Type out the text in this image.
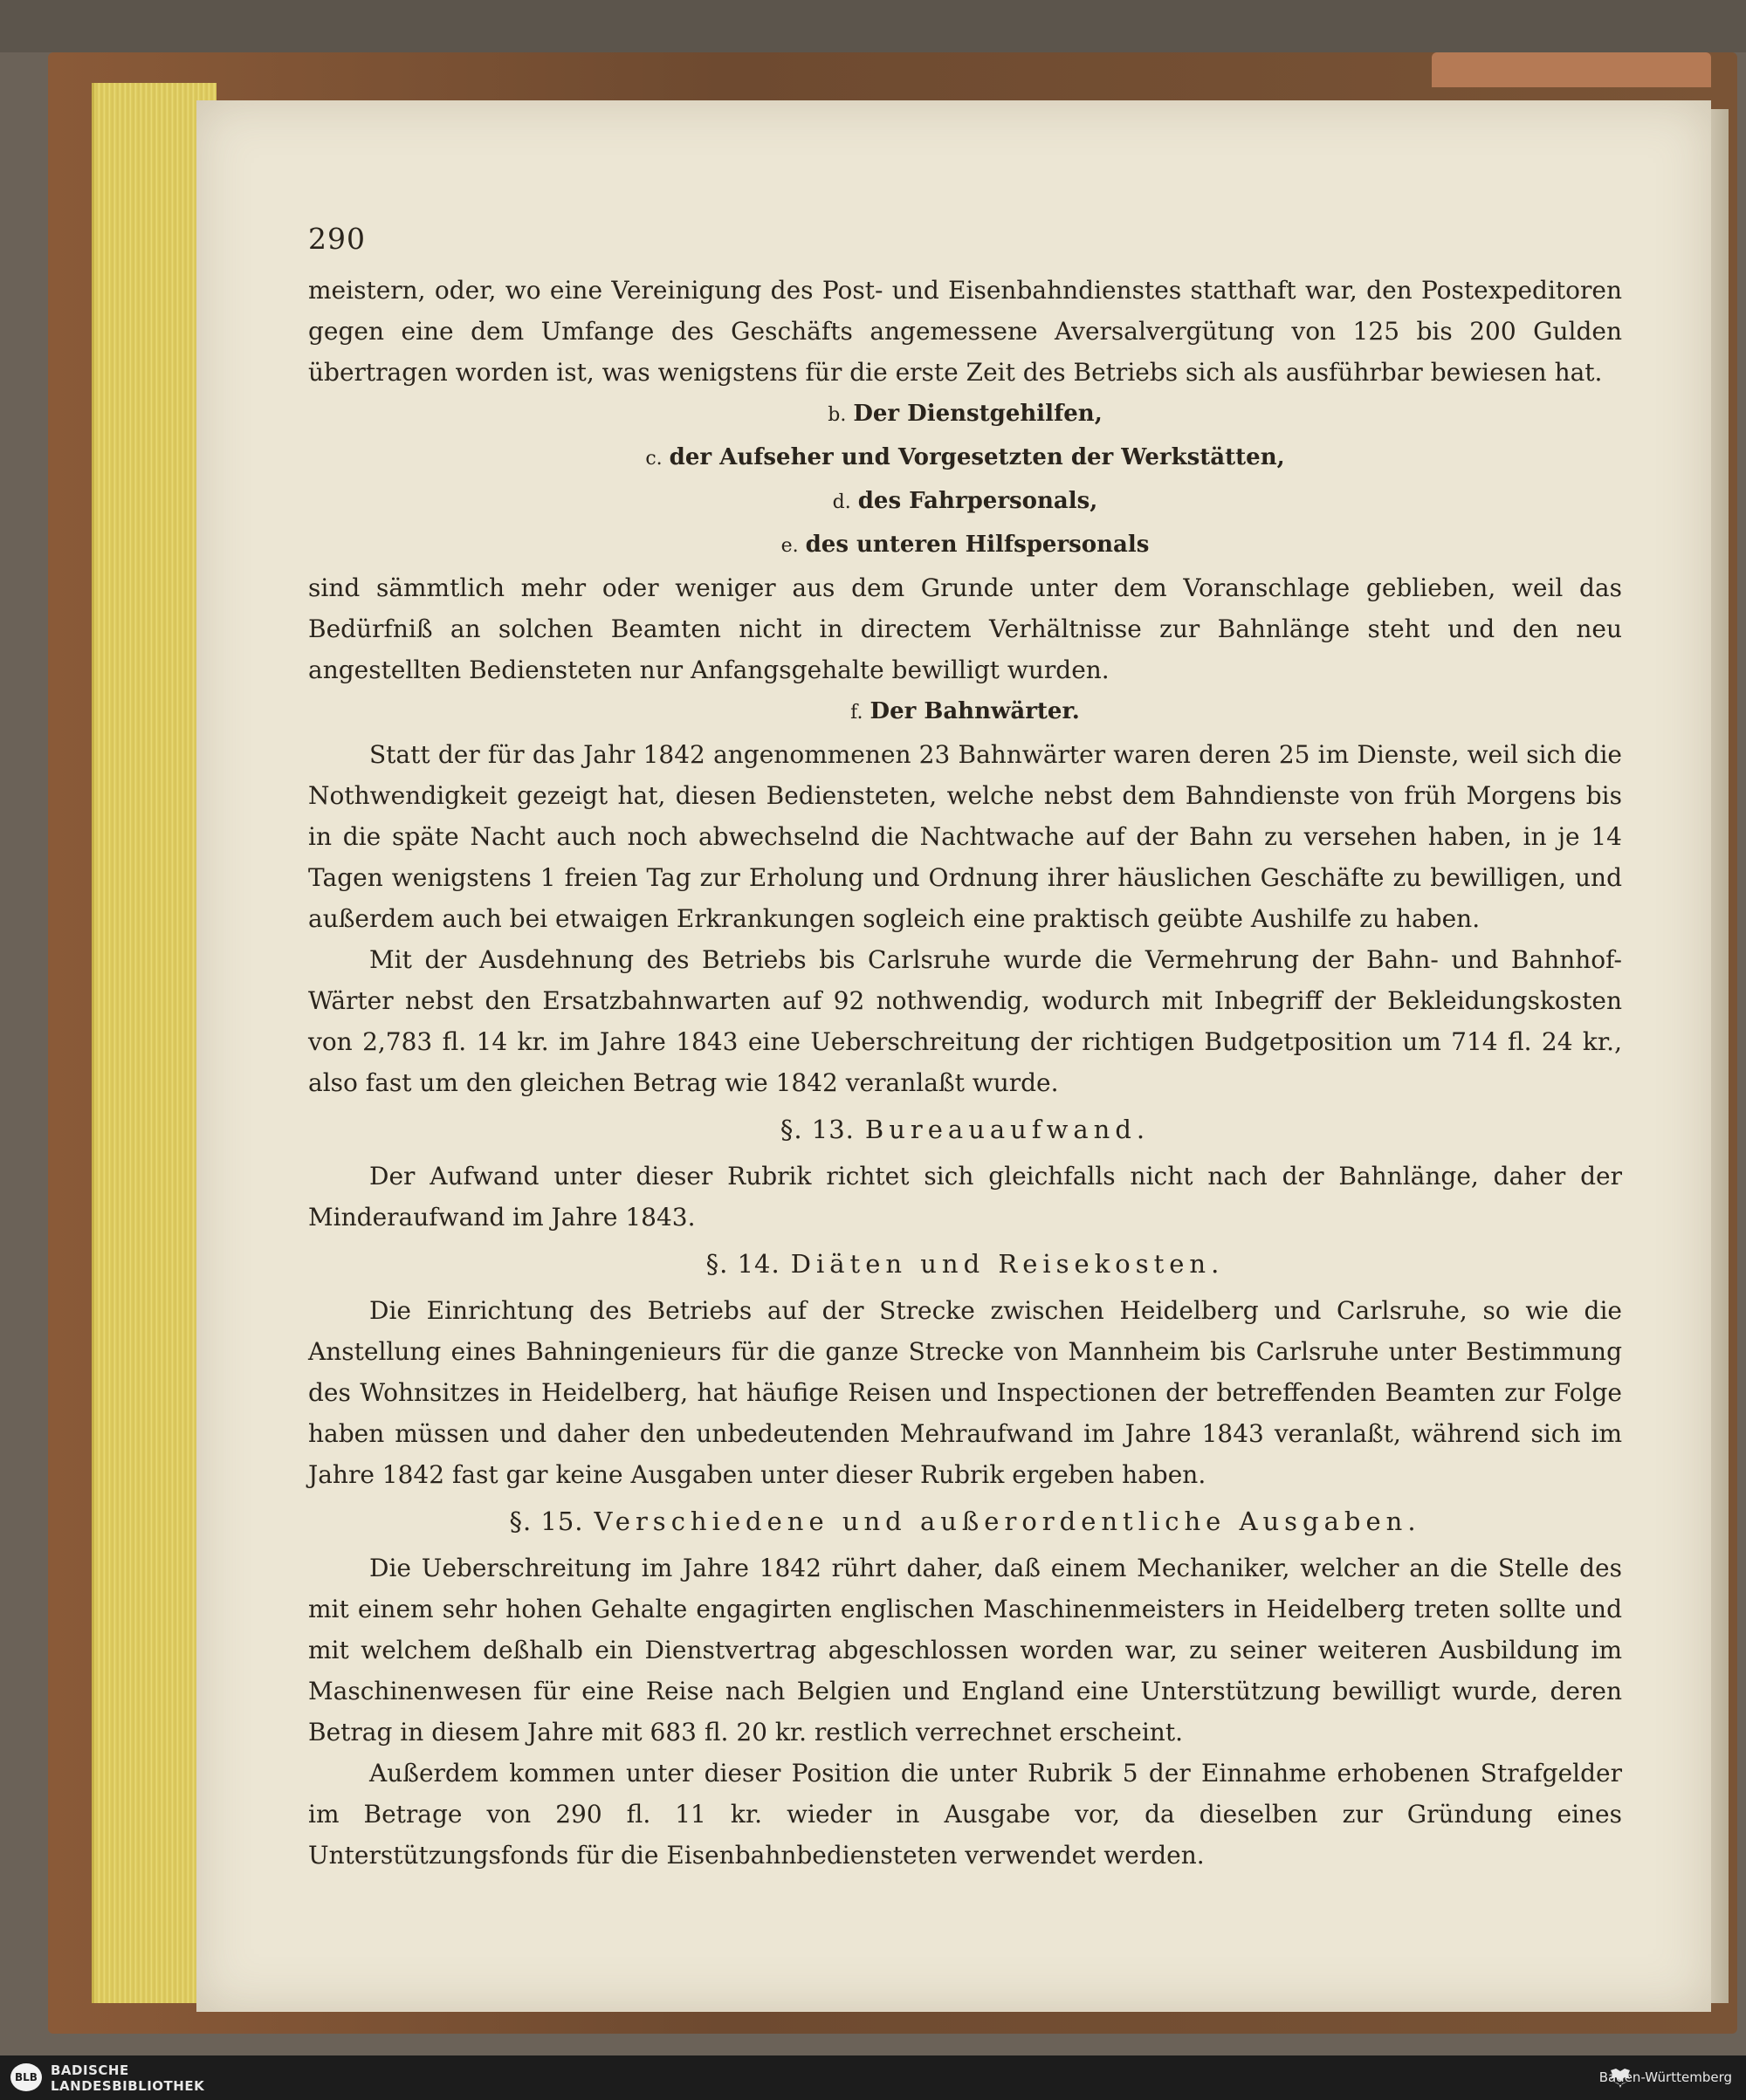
290

meistern, oder, wo eine Vereinigung des Post- und Eisenbahndienstes statthaft war, den Postexpeditoren gegen eine dem Umfange des Geschäfts angemessene Aversalvergütung von 125 bis 200 Gulden übertragen worden ist, was wenigstens für die erste Zeit des Betriebs sich als ausführbar bewiesen hat.

b. Der Dienstgehilfen,
c. der Aufseher und Vorgesetzten der Werkstätten,
d. des Fahrpersonals,
e. des unteren Hilfspersonals

sind sämmtlich mehr oder weniger aus dem Grunde unter dem Voranschlage geblieben, weil das Bedürfniß an solchen Beamten nicht in directem Verhältnisse zur Bahnlänge steht und den neu angestellten Bediensteten nur Anfangsgehalte bewilligt wurden.

f. Der Bahnwärter.

Statt der für das Jahr 1842 angenommenen 23 Bahnwärter waren deren 25 im Dienste, weil sich die Nothwendigkeit gezeigt hat, diesen Bediensteten, welche nebst dem Bahndienste von früh Morgens bis in die späte Nacht auch noch abwechselnd die Nachtwache auf der Bahn zu versehen haben, in je 14 Tagen wenigstens 1 freien Tag zur Erholung und Ordnung ihrer häuslichen Geschäfte zu bewilligen, und außerdem auch bei etwaigen Erkrankungen sogleich eine praktisch geübte Aushilfe zu haben.

Mit der Ausdehnung des Betriebs bis Carlsruhe wurde die Vermehrung der Bahn- und Bahnhof-Wärter nebst den Ersatzbahnwarten auf 92 nothwendig, wodurch mit Inbegriff der Bekleidungskosten von 2,783 fl. 14 kr. im Jahre 1843 eine Ueberschreitung der richtigen Budgetposition um 714 fl. 24 kr., also fast um den gleichen Betrag wie 1842 veranlaßt wurde.

§. 13. Bureauaufwand.

Der Aufwand unter dieser Rubrik richtet sich gleichfalls nicht nach der Bahnlänge, daher der Minderaufwand im Jahre 1843.

§. 14. Diäten und Reisekosten.

Die Einrichtung des Betriebs auf der Strecke zwischen Heidelberg und Carlsruhe, so wie die Anstellung eines Bahningenieurs für die ganze Strecke von Mannheim bis Carlsruhe unter Bestimmung des Wohnsitzes in Heidelberg, hat häufige Reisen und Inspectionen der betreffenden Beamten zur Folge haben müssen und daher den unbedeutenden Mehraufwand im Jahre 1843 veranlaßt, während sich im Jahre 1842 fast gar keine Ausgaben unter dieser Rubrik ergeben haben.

§. 15. Verschiedene und außerordentliche Ausgaben.

Die Ueberschreitung im Jahre 1842 rührt daher, daß einem Mechaniker, welcher an die Stelle des mit einem sehr hohen Gehalte engagirten englischen Maschinenmeisters in Heidelberg treten sollte und mit welchem deßhalb ein Dienstvertrag abgeschlossen worden war, zu seiner weiteren Ausbildung im Maschinenwesen für eine Reise nach Belgien und England eine Unterstützung bewilligt wurde, deren Betrag in diesem Jahre mit 683 fl. 20 kr. restlich verrechnet erscheint.

Außerdem kommen unter dieser Position die unter Rubrik 5 der Einnahme erhobenen Strafgelder im Betrage von 290 fl. 11 kr. wieder in Ausgabe vor, da dieselben zur Gründung eines Unterstützungsfonds für die Eisenbahnbediensteten verwendet werden.

BLB	BADISCHE
LANDESBIBLIOTHEK
Baden-Württemberg
